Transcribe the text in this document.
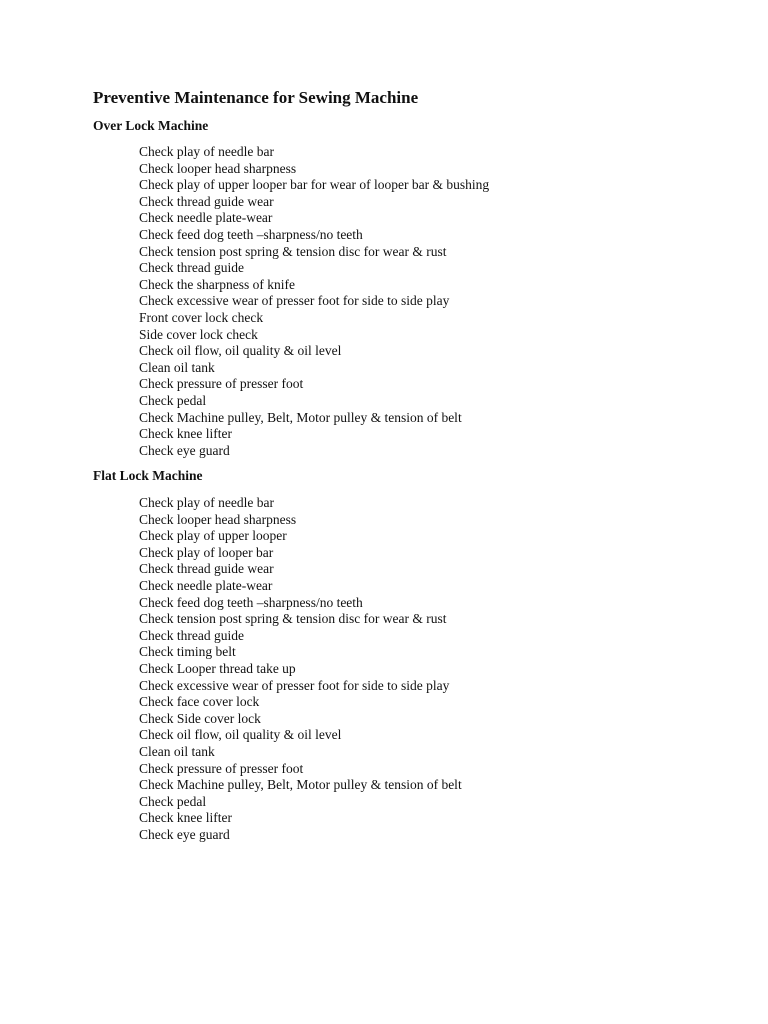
Preventive Maintenance for Sewing Machine
Over Lock Machine
Check play of needle bar
Check looper head sharpness
Check play of upper looper bar for wear of looper bar & bushing
Check thread guide wear
Check needle plate-wear
Check feed dog teeth –sharpness/no teeth
Check tension post spring & tension disc for wear & rust
Check thread guide
Check the sharpness of knife
Check excessive wear of presser foot for side to side play
Front cover lock check
Side cover lock check
Check oil flow, oil quality & oil level
Clean oil tank
Check pressure of presser foot
Check pedal
Check Machine pulley, Belt, Motor pulley & tension of belt
Check knee lifter
Check eye guard
Flat Lock Machine
Check play of needle bar
Check looper head sharpness
Check play of upper looper
Check play of looper bar
Check thread guide wear
Check needle plate-wear
Check feed dog teeth –sharpness/no teeth
Check tension post spring & tension disc for wear & rust
Check thread guide
Check timing belt
Check Looper thread take up
Check excessive wear of presser foot for side to side play
Check face cover lock
Check Side cover lock
Check oil flow, oil quality & oil level
Clean oil tank
Check pressure of presser foot
Check Machine pulley, Belt, Motor pulley & tension of belt
Check pedal
Check knee lifter
Check eye guard
